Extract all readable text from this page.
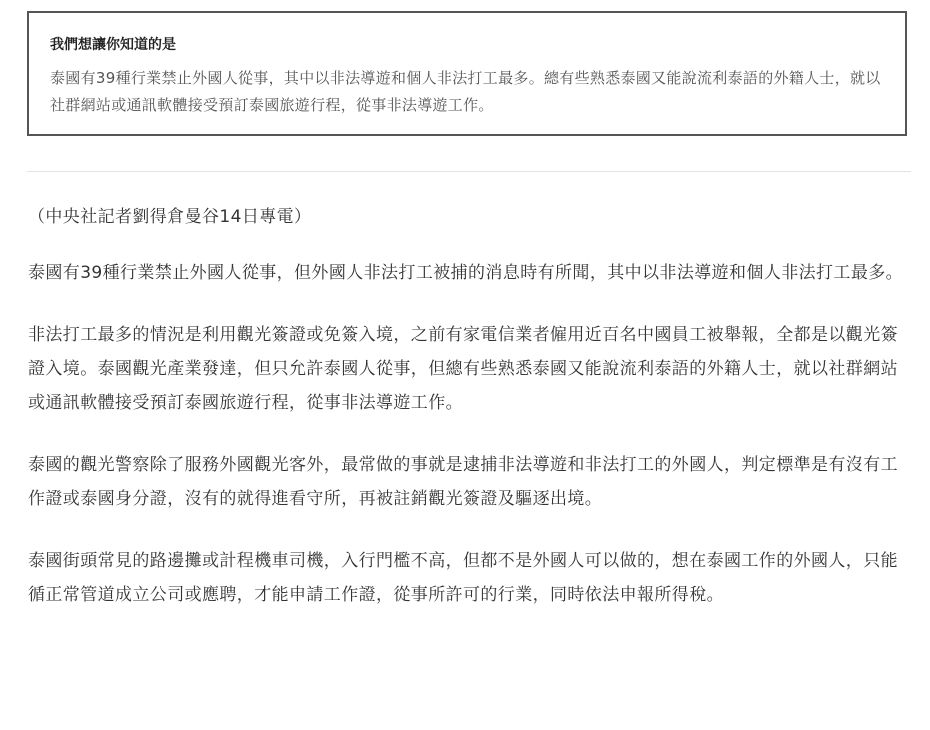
我們想讓你知道的是

泰國有39種行業禁止外國人從事，其中以非法導遊和個人非法打工最多。總有些熟悉泰國又能說流利泰語的外籍人士，就以社群網站或通訊軟體接受預訂泰國旅遊行程，從事非法導遊工作。

（中央社記者劉得倉曼谷14日專電）

泰國有39種行業禁止外國人從事，但外國人非法打工被捕的消息時有所聞，其中以非法導遊和個人非法打工最多。

非法打工最多的情況是利用觀光簽證或免簽入境，之前有家電信業者僱用近百名中國員工被舉報，全都是以觀光簽證入境。泰國觀光產業發達，但只允許泰國人從事，但總有些熟悉泰國又能說流利泰語的外籍人士，就以社群網站或通訊軟體接受預訂泰國旅遊行程，從事非法導遊工作。

泰國的觀光警察除了服務外國觀光客外，最常做的事就是逮捕非法導遊和非法打工的外國人，判定標準是有沒有工作證或泰國身分證，沒有的就得進看守所，再被註銷觀光簽證及驅逐出境。

泰國街頭常見的路邊攤或計程機車司機，入行門檻不高，但都不是外國人可以做的，想在泰國工作的外國人，只能循正常管道成立公司或應聘，才能申請工作證，從事所許可的行業，同時依法申報所得稅。
